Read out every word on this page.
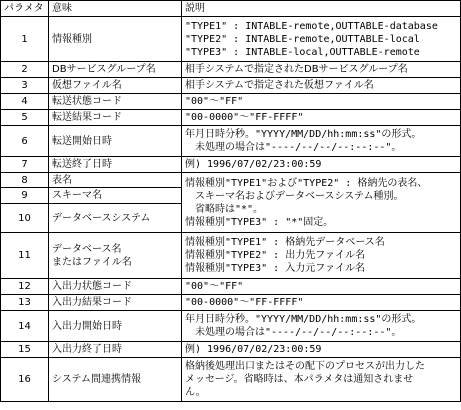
パラメタ	意味	説明
1	情報種別	"TYPE1" : INTABLE-remote,OUTTABLE-database
"TYPE2" : INTABLE-remote,OUTTABLE-local
"TYPE3" : INTABLE-local,OUTTABLE-remote

2	DBサービスグループ名	相手システムで指定されたDBサービスグループ名
3	仮想ファイル名	相手システムで指定された仮想ファイル名
4	転送状態コード	"00"～"FF"
5	転送結果コード	"00-0000"～"FF-FFFF"
6	転送開始日時	年月日時分秒。"YYYY/MM/DD/hh:mm:ss"の形式。
未処理の場合は"----/--/--/--:--:--"。

7	転送終了日時	例) 1996/07/02/23:00:59
8	表名	情報種別"TYPE1"および"TYPE2" : 格納先の表名、
スキーマ名およびデータベースシステム種別。
省略時は"*"。
情報種別"TYPE3" : "*"固定。

9	スキーマ名	
10	データベースシステム	
11	データベース名
またはファイル名	情報種別"TYPE1" : 格納先データベース名
情報種別"TYPE2" : 出力先ファイル名
情報種別"TYPE3" : 入力元ファイル名

12	入出力状態コード	"00"～"FF"
13	入出力結果コード	"00-0000"～"FF-FFFF"
14	入出力開始日時	年月日時分秒。"YYYY/MM/DD/hh:mm:ss"の形式。
未処理の場合は"----/--/--/--:--:--"。

15	入出力終了日時	例) 1996/07/02/23:00:59
16	システム間連携情報	格納後処理出口またはその配下のプロセスが出力した
メッセージ。省略時は、本パラメタは通知されませ
ん。
